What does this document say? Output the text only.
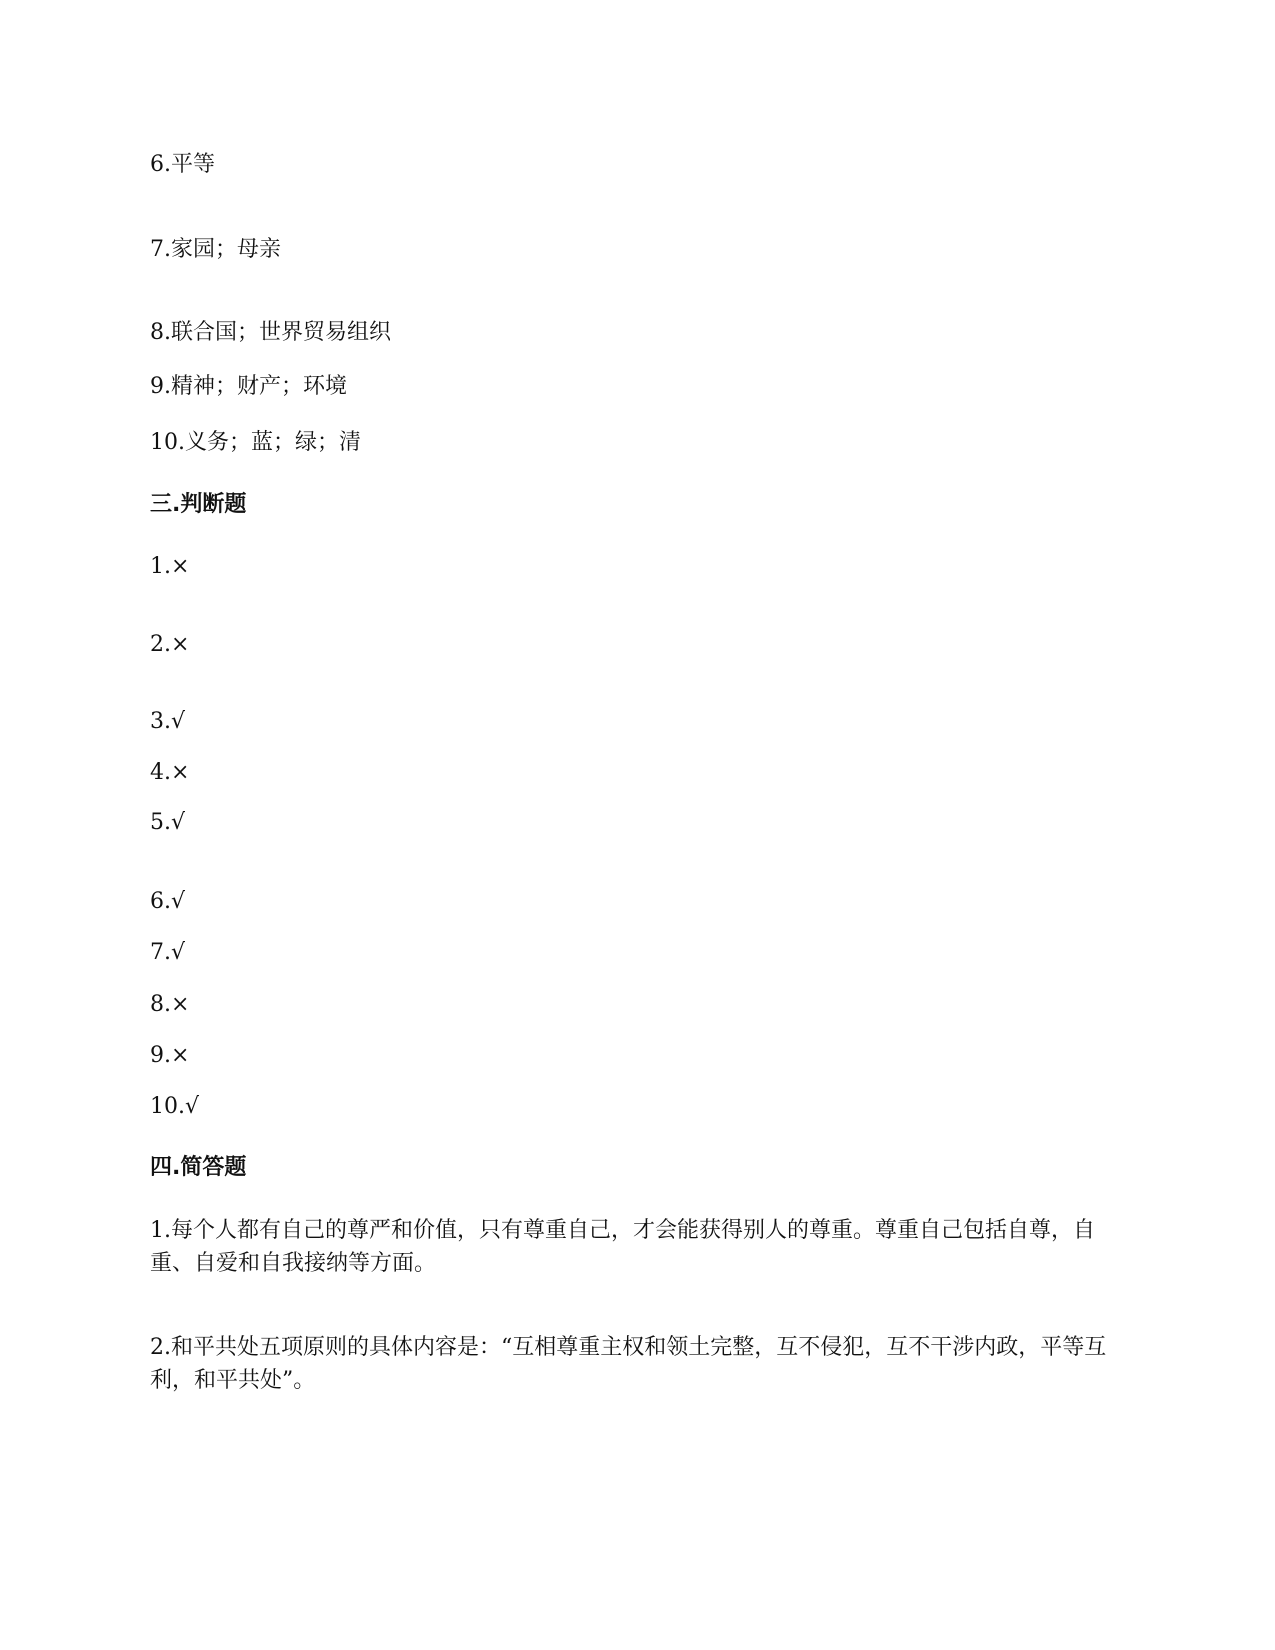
6.平等
7.家园；母亲
8.联合国；世界贸易组织
9.精神；财产；环境
10.义务；蓝；绿；清
三.判断题
1.×
2.×
3.√
4.×
5.√
6.√
7.√
8.×
9.×
10.√
四.简答题
1.每个人都有自己的尊严和价值，只有尊重自己，才会能获得别人的尊重。尊重自己包括自尊，自重、自爱和自我接纳等方面。
2.和平共处五项原则的具体内容是：“互相尊重主权和领土完整，互不侵犯，互不干涉内政，平等互利，和平共处”。
